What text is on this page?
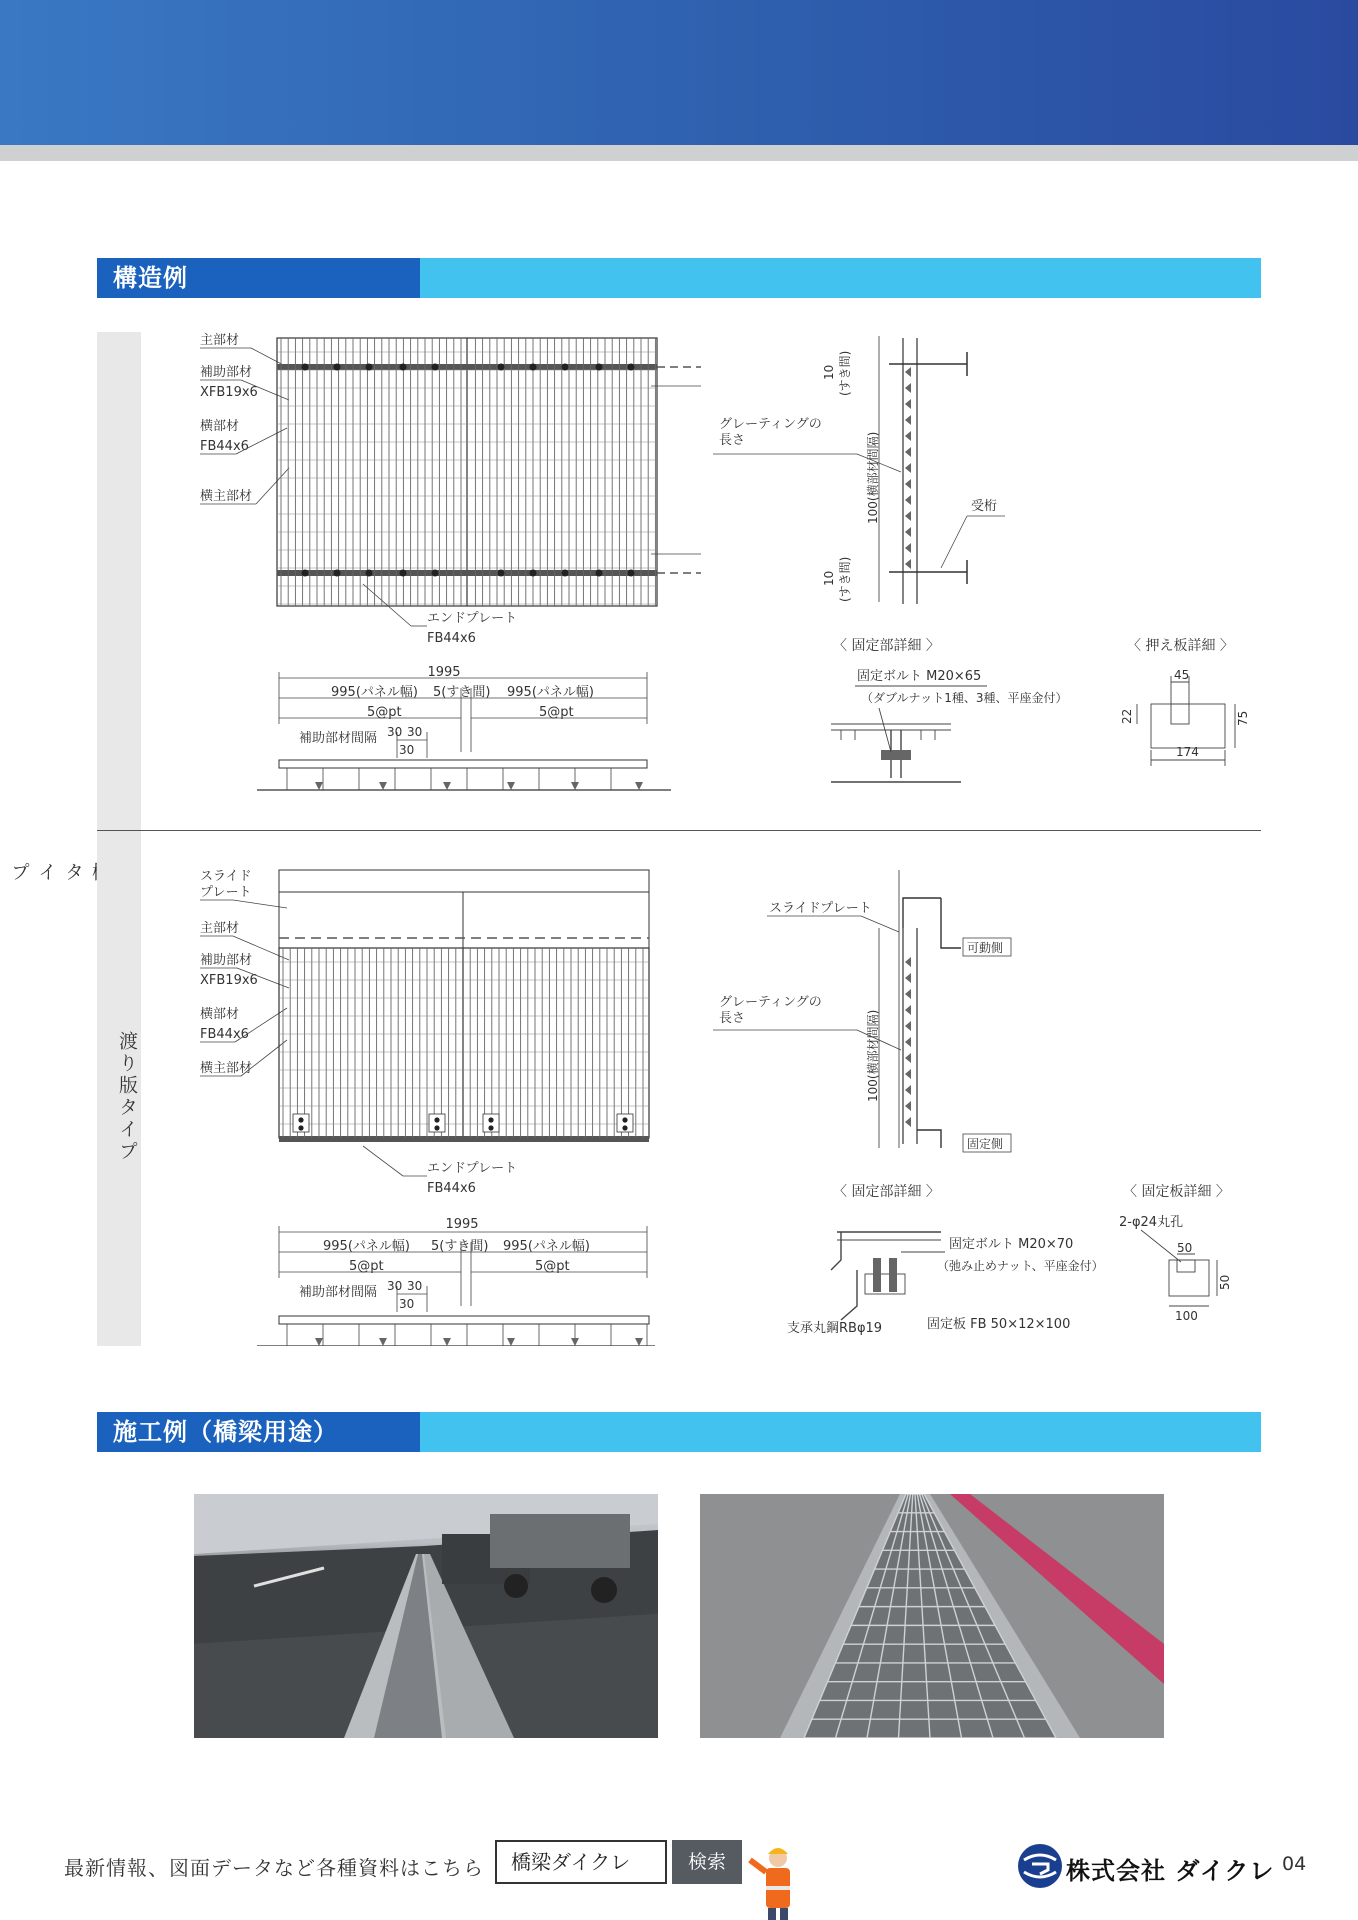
構造例
タイプ
渡り版タイプ
主部材
補助部材
XFB19x6
横部材
FB44x6
横主部材
エンドプレート
FB44x6
10 (すき間)
10 (すき間)
100(横部材間隔)
グレーティングの
長さ
受桁
1995
995(パネル幅) 5(すき間) 995(パネル幅)
5@pt	5@pt
補助部材間隔 30 30
30
〈 固定部詳細 〉
固定ボルト M20×65
（ダブルナット1種、3種、平座金付）
〈 押え板詳細 〉
45
22	75
174
スライド
プレート
主部材
補助部材
XFB19x6
横部材
FB44x6
横主部材
エンドプレート
FB44x6
100(横部材間隔)
スライドプレート
可動側
固定側
グレーティングの
長さ
1995
995(パネル幅) 5(すき間) 995(パネル幅)
5@pt	5@pt
補助部材間隔 30 30
30
〈 固定部詳細 〉
固定ボルト M20×70
（弛み止めナット、平座金付）
支承丸鋼RBφ19	固定板 FB 50×12×100
〈 固定板詳細 〉
2-φ24丸孔
50
50
100
施工例（橋梁用途）
最新情報、図面データなど各種資料はこちら	橋梁ダイクレ	検索	株式会社 ダイクレ 04
